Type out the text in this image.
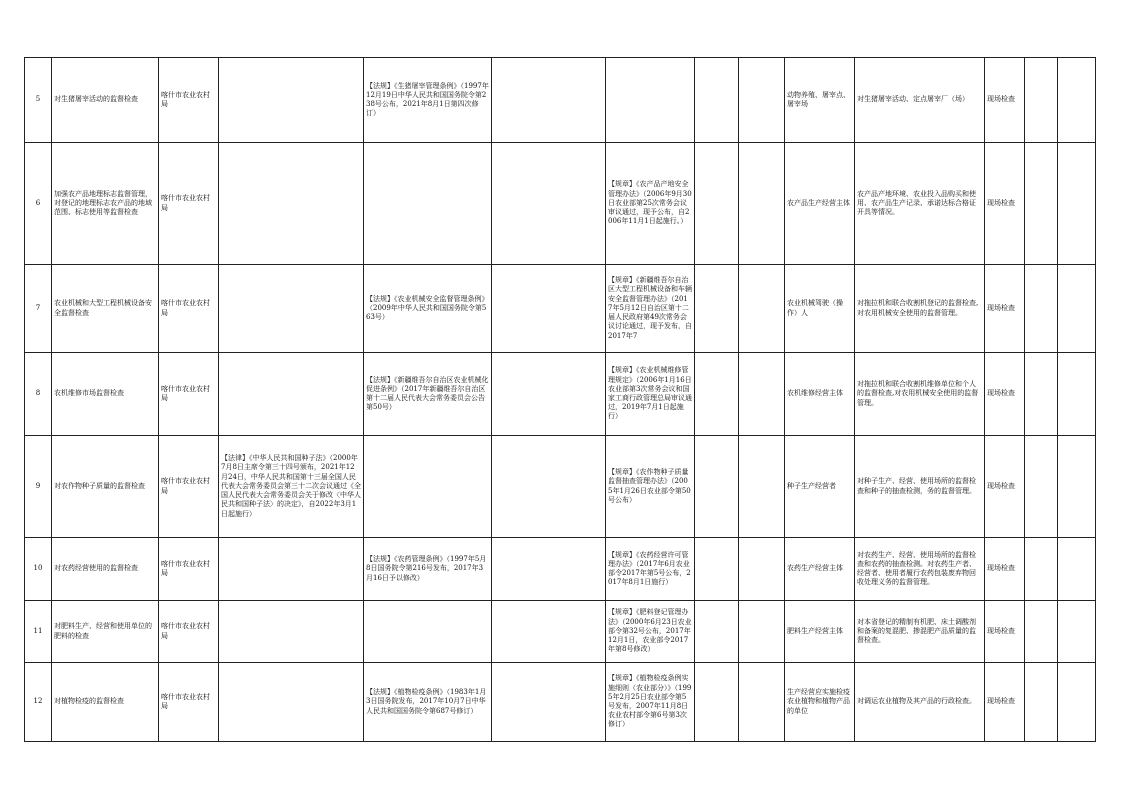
5	对生猪屠宰活动的监督检查	喀什市农业农村局		【法规】《生猪屠宰管理条例》（1997年12月19日中华人民共和国国务院令第238号公布，2021年8月1日第四次修订）					动物养殖、屠宰点、屠宰场	对生猪屠宰活动、定点屠宰厂（场）	现场检查		

6	加强农产品地理标志监督管理，对登记的地理标志农产品的地域范围、标志使用等监督检查	喀什市农业农村局				【规章】《农产品产地安全管理办法》（2006年9月30日农业部第25次常务会议审议通过，现予公布，自2006年11月1日起施行。）			农产品生产经营主体	农产品产地环境、农业投入品购买和使用、农产品生产记录、承诺达标合格证开具等情况。	现场检查		

7	农业机械和大型工程机械设备安全监督检查	喀什市农业农村局		【法规】《农业机械安全监督管理条例》（2009年中华人民共和国国务院令第563号）		【规章】《新疆维吾尔自治区大型工程机械设备和车辆安全监督管理办法》（2017年5月12日自治区第十二届人民政府第49次常务会议讨论通过，现予发布，自2017年7			农业机械驾驶（操作）人	对拖拉机和联合收割机登记的监督检查,对农用机械安全使用的监督管理。	现场检查		

8	农机维修市场监督检查	喀什市农业农村局		【法规】《新疆维吾尔自治区农业机械化促进条例》（2017年新疆维吾尔自治区第十二届人民代表大会常务委员会公告第50号）		【规章】《农业机械维修管理规定》（2006年1月16日农业部第3次常务会议和国家工商行政管理总局审议通过，2019年7月1日起施行）			农机维修经营主体	对拖拉机和联合收割机维修单位和个人的监督检查,对农用机械安全使用的监督管理。	现场检查		

9	对农作物种子质量的监督检查	喀什市农业农村局	【法律】《中华人民共和国种子法》（2000年7月8日主席令第三十四号颁布，2021年12月24日，中华人民共和国第十三届全国人民代表大会常务委员会第三十二次会议通过《全国人民代表大会常务委员会关于修改〈中华人民共和国种子法〉的决定》，自2022年3月1日起施行）			【规章】《农作物种子质量监督抽查管理办法》（2005年1月26日农业部令第50号公布）			种子生产经营者	对种子生产、经营、使用场所的监督检查和种子的抽查检测，务的监督管理。	现场检查		

10	对农药经营使用的监督检查	喀什市农业农村局		【法规】《农药管理条例》（1997年5月8日国务院令第216号发布，2017年3月16日予以修改）		【规章】《农药经营许可管理办法》（2017年6月农业部令2017年第5号公布，2017年8月1日施行）			农药生产经营主体	对农药生产、经营、使用场所的监督检查和农药的抽查检测。对农药生产者、经营者、使用者履行农药包装废弃物回收处理义务的监督管理。	现场检查		

11	对肥料生产、经营和使用单位的肥料的检查	喀什市农业农村局				【规章】《肥料登记管理办法》（2000年6月23日农业部令第32号公布，2017年12月1日，农业部令2017年第8号修改）			肥料生产经营主体	对本省登记的精制有机肥、床土调酸剂和备案的复混肥、掺混肥产品质量的监督检查。	现场检查		

12	对植物检疫的监督检查	喀什市农业农村局		【法规】《植物检疫条例》（1983年1月3日国务院发布，2017年10月7日中华人民共和国国务院令第687号修订）		【规章】《植物检疫条例实施细则（农业部分）》（1995年2月25日农业部令第5号发布，2007年11月8日农业农村部令第6号第3次修订）			生产经营应实施检疫农业植物和植物产品的单位	对调运农业植物及其产品的行政检查。	现场检查		
